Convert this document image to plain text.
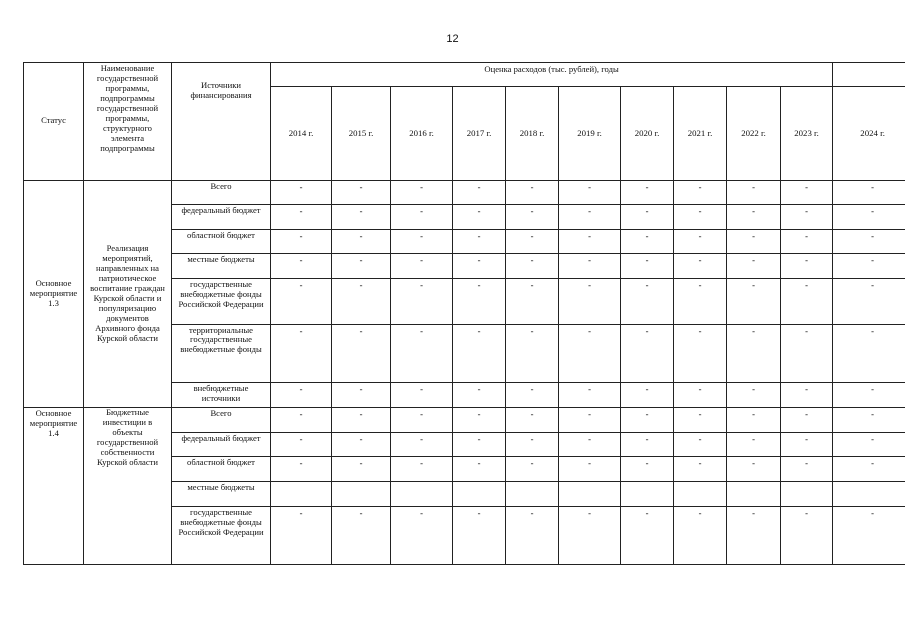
12
Статус	Наименование государственной программы, подпрограммы государственной программы, структурного элемента подпрограммы	Источники финансирования	Оценка расходов (тыс. рублей), годы										
			2014 г.	2015 г.	2016 г.	2017 г.	2018 г.	2019 г.	2020 г.	2021 г.	2022 г.	2023 г.	2024 г.
Основное мероприятие 1.3	Реализация мероприятий, направленных на патриотическое воспитание граждан Курской области и популяризацию документов Архивного фонда Курской области	Всего	-	-	-	-	-	-	-	-	-	-	-
		федеральный бюджет	-	-	-	-	-	-	-	-	-	-	-
		областной бюджет	-	-	-	-	-	-	-	-	-	-	-
		местные бюджеты	-	-	-	-	-	-	-	-	-	-	-
		государственные внебюджетные фонды Российской Федерации	-	-	-	-	-	-	-	-	-	-	-
		территориальные государственные внебюджетные фонды	-	-	-	-	-	-	-	-	-	-	-
		внебюджетные источники	-	-	-	-	-	-	-	-	-	-	-
Основное мероприятие 1.4	Бюджетные инвестиции в объекты государственной собственности Курской области	Всего	-	-	-	-	-	-	-	-	-	-	-
		федеральный бюджет	-	-	-	-	-	-	-	-	-	-	-
		областной бюджет	-	-	-	-	-	-	-	-	-	-	-
		местные бюджеты											
		государственные внебюджетные фонды Российской Федерации	-	-	-	-	-	-	-	-	-	-	-
